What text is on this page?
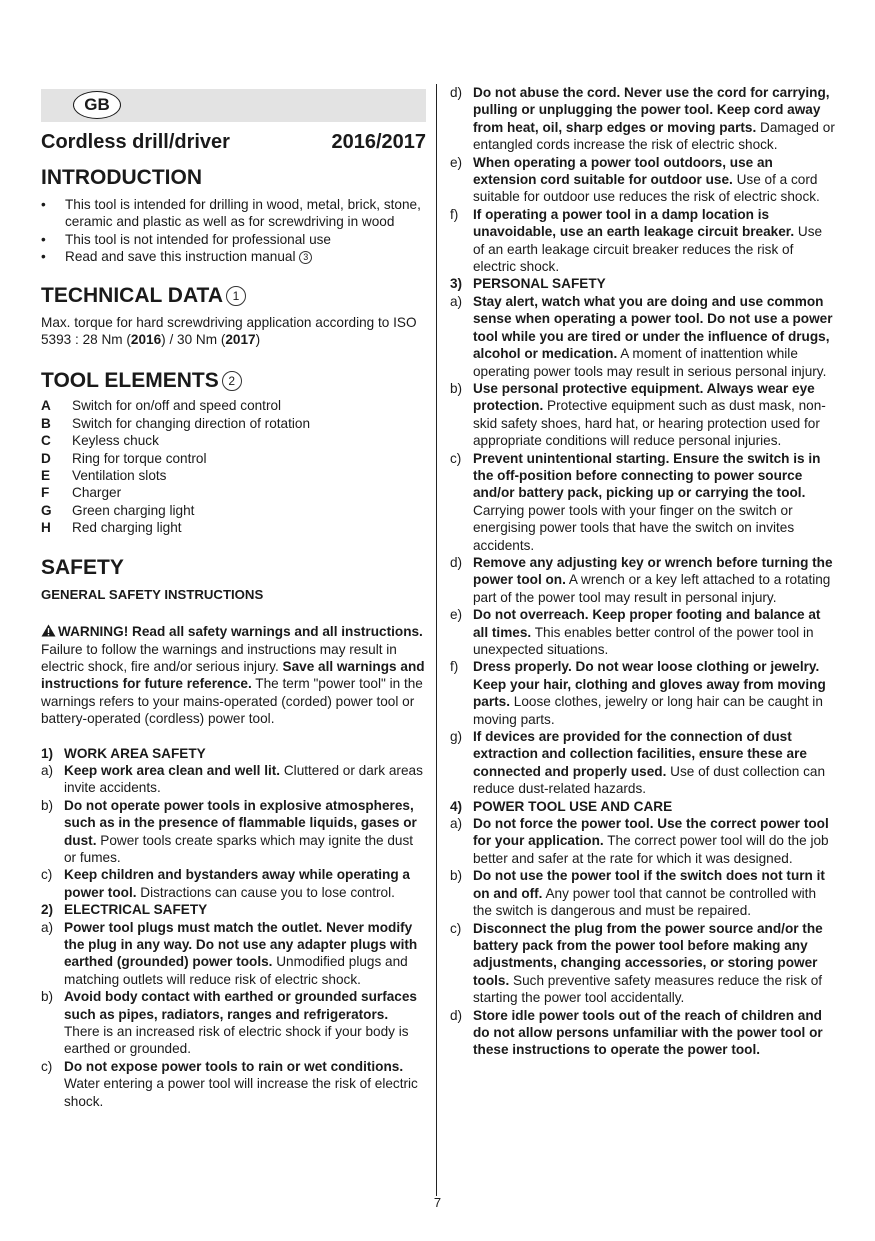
GB
Cordless drill/driver	2016/2017
INTRODUCTION
•	This tool is intended for drilling in wood, metal, brick, stone, ceramic and plastic as well as for screwdriving in wood
•	This tool is not intended for professional use
•	Read and save this instruction manual 3
TECHNICAL DATA 1

Max. torque for hard screwdriving application according to ISO 5393 : 28 Nm (2016) / 30 Nm (2017)

TOOL ELEMENTS 2
A	Switch for on/off and speed control
B	Switch for changing direction of rotation
C	Keyless chuck
D	Ring for torque control
E	Ventilation slots
F	Charger
G	Green charging light
H	Red charging light
SAFETY
GENERAL SAFETY INSTRUCTIONS

WARNING! Read all safety warnings and all instructions. Failure to follow the warnings and instructions may result in electric shock, fire and/or serious injury. Save all warnings and instructions for future reference. The term "power tool" in the warnings refers to your mains-operated (corded) power tool or battery-operated (cordless) power tool.

1) WORK AREA SAFETY
a) Keep work area clean and well lit. Cluttered or dark areas invite accidents.
b) Do not operate power tools in explosive atmospheres, such as in the presence of flammable liquids, gases or dust. Power tools create sparks which may ignite the dust or fumes.
c) Keep children and bystanders away while operating a power tool. Distractions can cause you to lose control.
2) ELECTRICAL SAFETY
a) Power tool plugs must match the outlet. Never modify the plug in any way. Do not use any adapter plugs with earthed (grounded) power tools. Unmodified plugs and matching outlets will reduce risk of electric shock.
b) Avoid body contact with earthed or grounded surfaces such as pipes, radiators, ranges and refrigerators. There is an increased risk of electric shock if your body is earthed or grounded.
c) Do not expose power tools to rain or wet conditions. Water entering a power tool will increase the risk of electric shock.
d) Do not abuse the cord. Never use the cord for carrying, pulling or unplugging the power tool. Keep cord away from heat, oil, sharp edges or moving parts. Damaged or entangled cords increase the risk of electric shock.
e) When operating a power tool outdoors, use an extension cord suitable for outdoor use. Use of a cord suitable for outdoor use reduces the risk of electric shock.
f)	If operating a power tool in a damp location is unavoidable, use an earth leakage circuit breaker. Use of an earth leakage circuit breaker reduces the risk of electric shock.
3) PERSONAL SAFETY
a) Stay alert, watch what you are doing and use common sense when operating a power tool. Do not use a power tool while you are tired or under the influence of drugs, alcohol or medication. A moment of inattention while operating power tools may result in serious personal injury.
b) Use personal protective equipment. Always wear eye protection. Protective equipment such as dust mask, non-skid safety shoes, hard hat, or hearing protection used for appropriate conditions will reduce personal injuries.
c) Prevent unintentional starting. Ensure the switch is in the off-position before connecting to power source and/or battery pack, picking up or carrying the tool. Carrying power tools with your finger on the switch or energising power tools that have the switch on invites accidents.
d) Remove any adjusting key or wrench before turning the power tool on. A wrench or a key left attached to a rotating part of the power tool may result in personal injury.
e) Do not overreach. Keep proper footing and balance at all times. This enables better control of the power tool in unexpected situations.
f)	Dress properly. Do not wear loose clothing or jewelry. Keep your hair, clothing and gloves away from moving parts. Loose clothes, jewelry or long hair can be caught in moving parts.
g) If devices are provided for the connection of dust extraction and collection facilities, ensure these are connected and properly used. Use of dust collection can reduce dust-related hazards.
4) POWER TOOL USE AND CARE
a) Do not force the power tool. Use the correct power tool for your application. The correct power tool will do the job better and safer at the rate for which it was designed.
b) Do not use the power tool if the switch does not turn it on and off. Any power tool that cannot be controlled with the switch is dangerous and must be repaired.
c) Disconnect the plug from the power source and/or the battery pack from the power tool before making any adjustments, changing accessories, or storing power tools. Such preventive safety measures reduce the risk of starting the power tool accidentally.
d) Store idle power tools out of the reach of children and do not allow persons unfamiliar with the power tool or these instructions to operate the power tool.
7
